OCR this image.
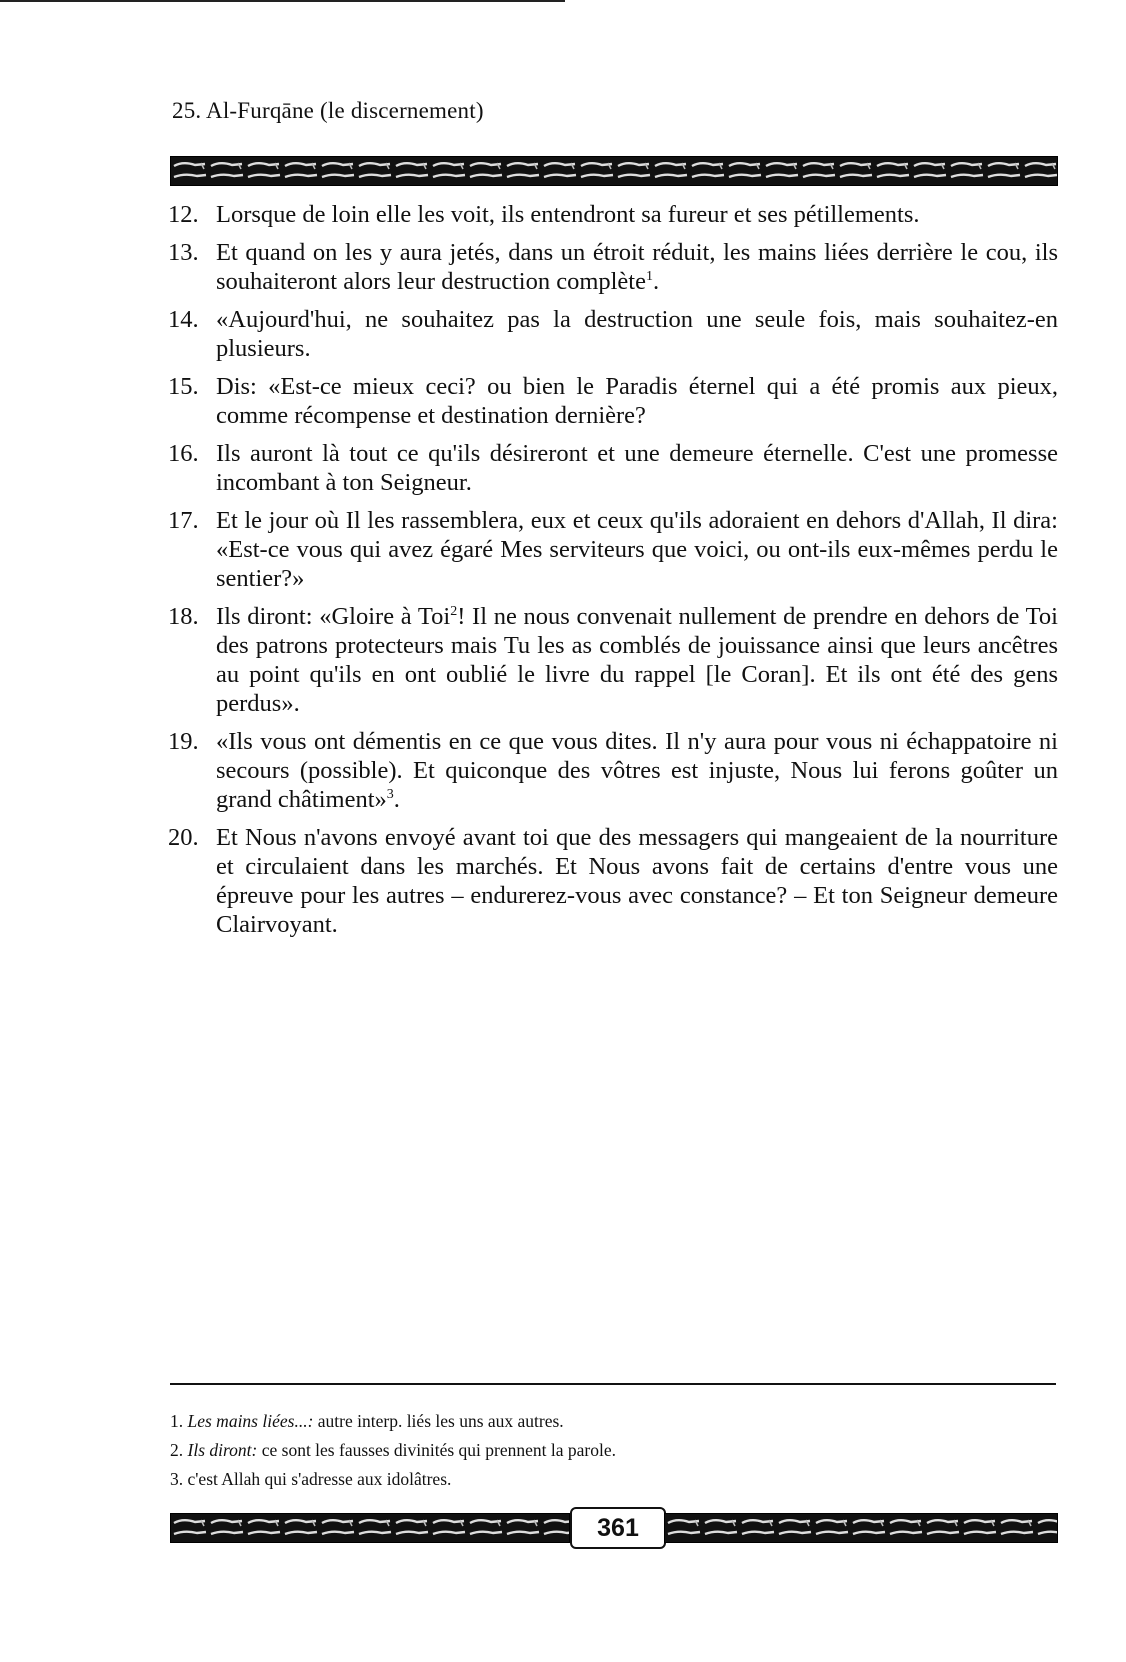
25. Al-Furqāne (le discernement)
12. Lorsque de loin elle les voit, ils entendront sa fureur et ses pétillements.
13. Et quand on les y aura jetés, dans un étroit réduit, les mains liées derrière le cou, ils souhaiteront alors leur destruction complète$^1$.
14. «Aujourd'hui, ne souhaitez pas la destruction une seule fois, mais souhaitez-en plusieurs.
15. Dis: «Est-ce mieux ceci? ou bien le Paradis éternel qui a été promis aux pieux, comme récompense et destination dernière?
16. Ils auront là tout ce qu'ils désireront et une demeure éternelle. C'est une promesse incombant à ton Seigneur.
17. Et le jour où Il les rassemblera, eux et ceux qu'ils adoraient en dehors d'Allah, Il dira: «Est-ce vous qui avez égaré Mes serviteurs que voici, ou ont-ils eux-mêmes perdu le sentier?»
18. Ils diront: «Gloire à Toi$^2$! Il ne nous convenait nullement de prendre en dehors de Toi des patrons protecteurs mais Tu les as comblés de jouissance ainsi que leurs ancêtres au point qu'ils en ont oublié le livre du rappel [le Coran]. Et ils ont été des gens perdus».
19. «Ils vous ont démentis en ce que vous dites. Il n'y aura pour vous ni échappatoire ni secours (possible). Et quiconque des vôtres est injuste, Nous lui ferons goûter un grand châtiment»$^3$.
20. Et Nous n'avons envoyé avant toi que des messagers qui mangeaient de la nourriture et circulaient dans les marchés. Et Nous avons fait de certains d'entre vous une épreuve pour les autres – endurerez-vous avec constance? – Et ton Seigneur demeure Clairvoyant.
1. Les mains liées...: autre interp. liés les uns aux autres.
2. Ils diront: ce sont les fausses divinités qui prennent la parole.
3. c'est Allah qui s'adresse aux idolâtres.
361
